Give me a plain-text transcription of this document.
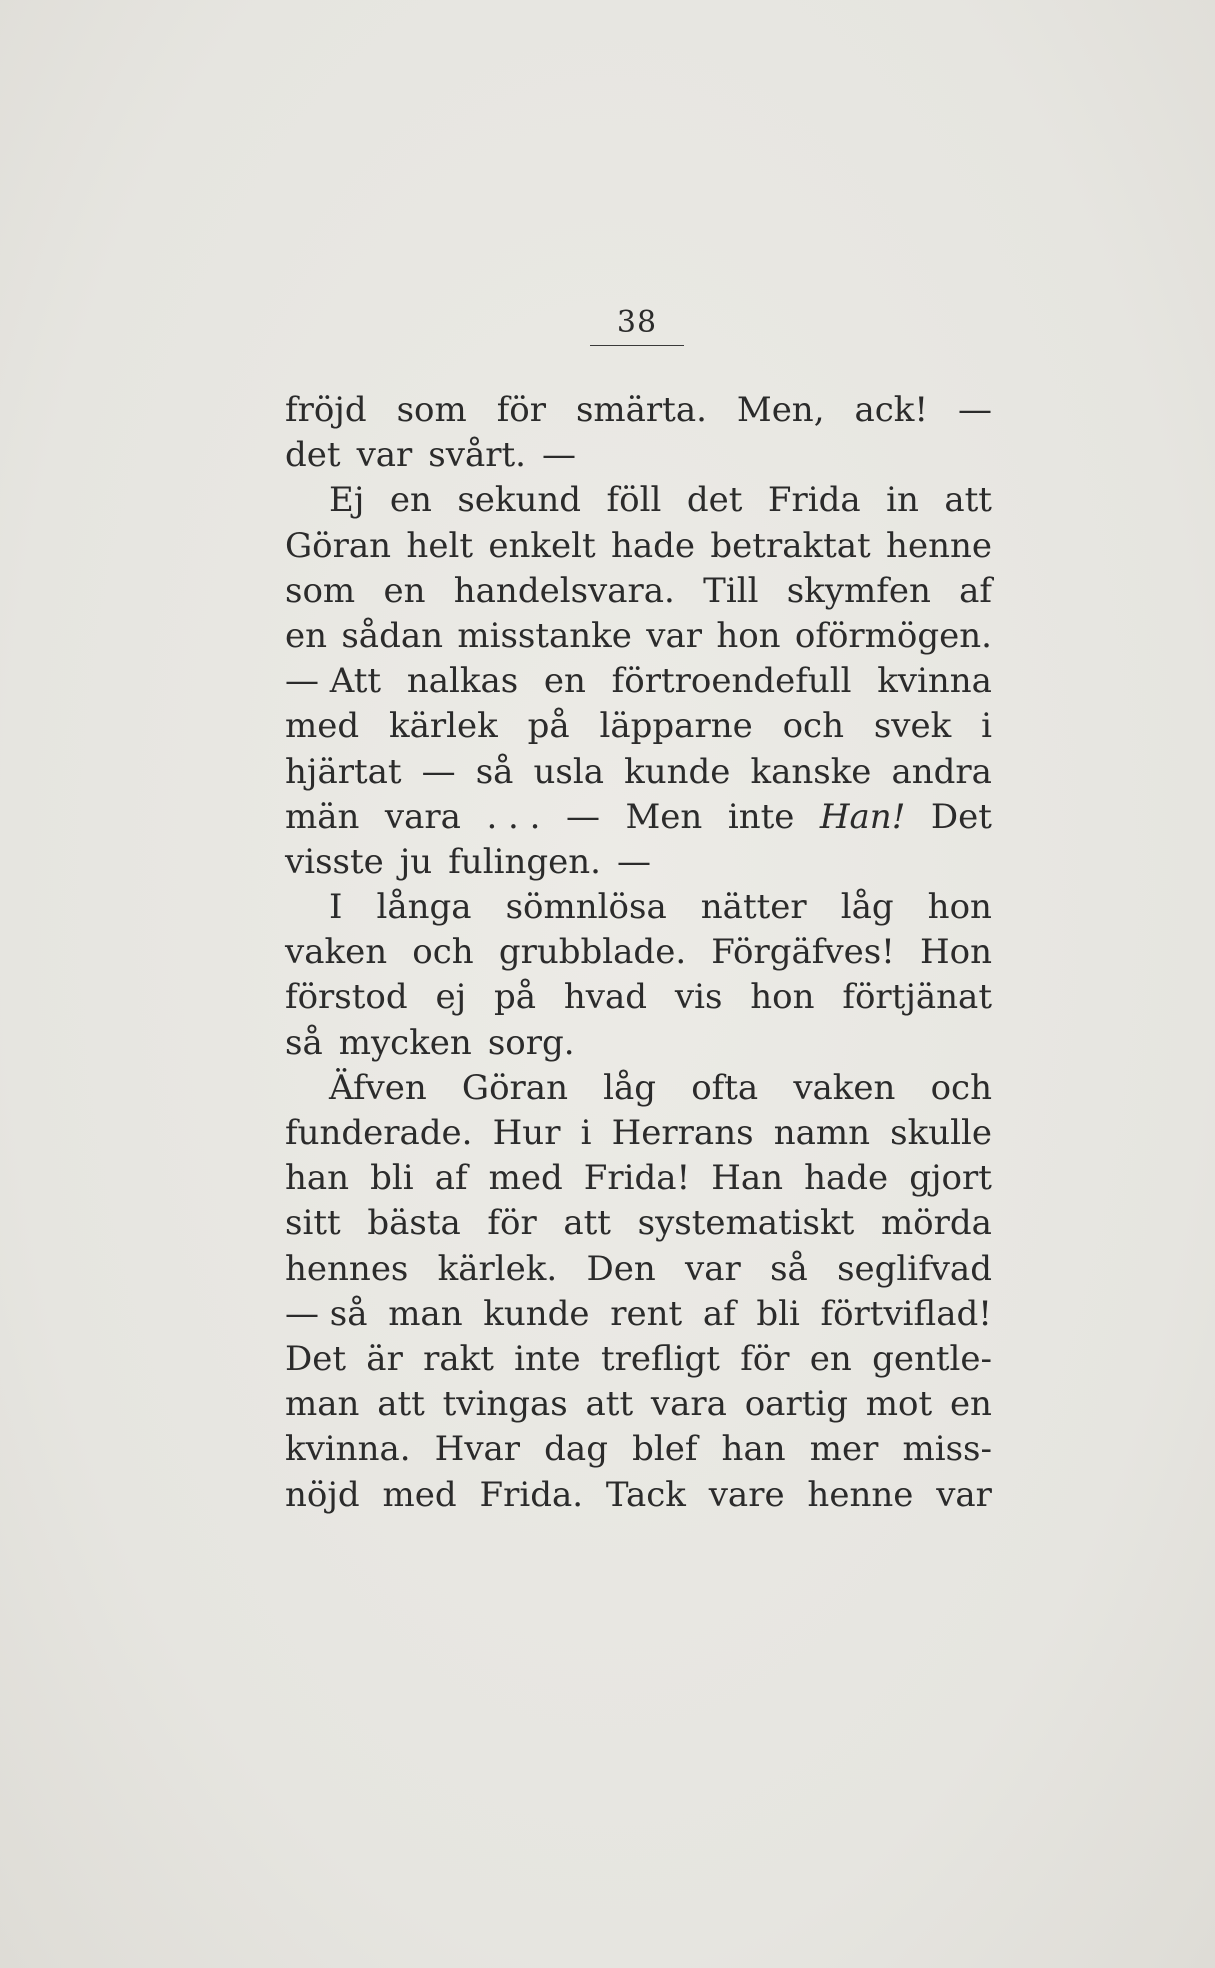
38
fröjd som för smärta. Men, ack! —
det var svårt. —
Ej en sekund föll det Frida in att
Göran helt enkelt hade betraktat henne
som en handelsvara. Till skymfen af
en sådan misstanke var hon oförmögen.
— Att nalkas en förtroendefull kvinna
med kärlek på läpparne och svek i
hjärtat — så usla kunde kanske andra
män vara . . . — Men inte Han! Det
visste ju fulingen. —
I långa sömnlösa nätter låg hon
vaken och grubblade. Förgäfves! Hon
förstod ej på hvad vis hon förtjänat
så mycken sorg.
Äfven Göran låg ofta vaken och
funderade. Hur i Herrans namn skulle
han bli af med Frida! Han hade gjort
sitt bästa för att systematiskt mörda
hennes kärlek. Den var så seglifvad
— så man kunde rent af bli förtviflad!
Det är rakt inte trefligt för en gentle-
man att tvingas att vara oartig mot en
kvinna. Hvar dag blef han mer miss-
nöjd med Frida. Tack vare henne var
